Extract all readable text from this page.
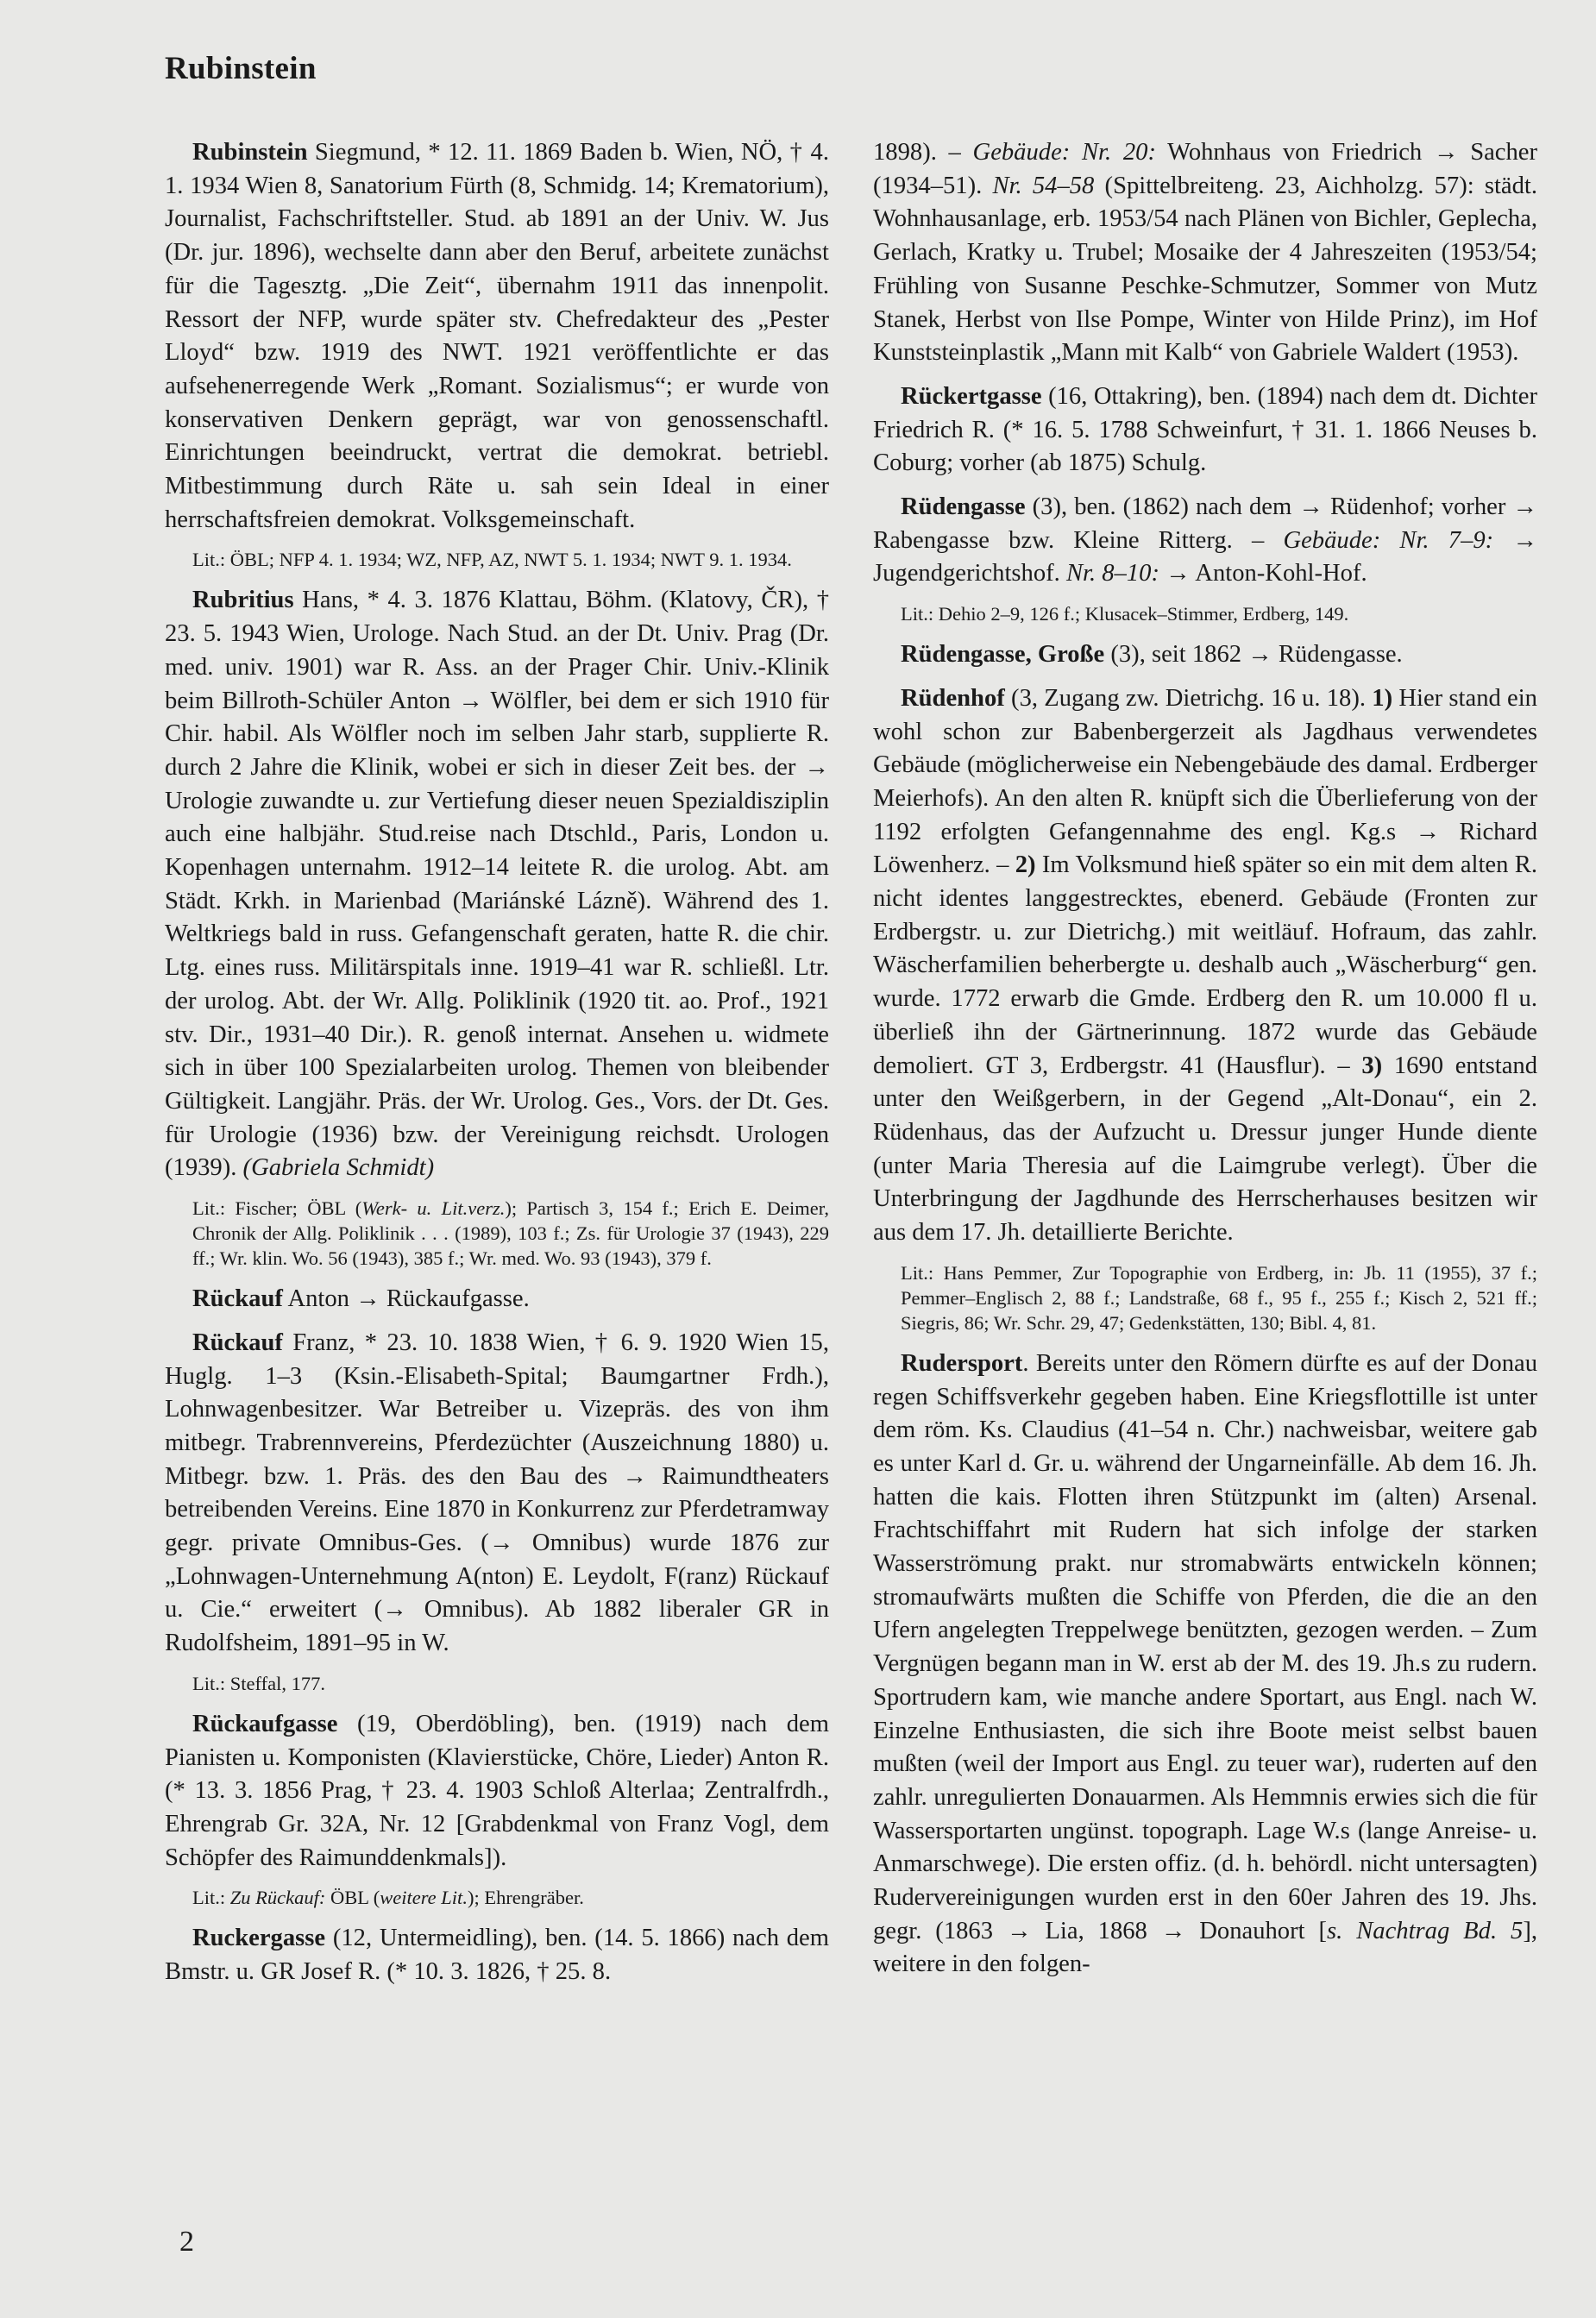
Rubinstein

Rubinstein Siegmund, * 12. 11. 1869 Baden b. Wien, NÖ, † 4. 1. 1934 Wien 8, Sanatorium Fürth (8, Schmidg. 14; Krematorium), Journalist, Fachschriftsteller. Stud. ab 1891 an der Univ. W. Jus (Dr. jur. 1896), wechselte dann aber den Beruf, arbeitete zunächst für die Tagesztg. „Die Zeit“, übernahm 1911 das innenpolit. Ressort der NFP, wurde später stv. Chefredakteur des „Pester Lloyd“ bzw. 1919 des NWT. 1921 veröffentlichte er das aufsehenerregende Werk „Romant. Sozialismus“; er wurde von konservativen Denkern geprägt, war von genossenschaftl. Einrichtungen beeindruckt, vertrat die demokrat. betriebl. Mitbestimmung durch Räte u. sah sein Ideal in einer herrschaftsfreien demokrat. Volksgemeinschaft.

Lit.: ÖBL; NFP 4. 1. 1934; WZ, NFP, AZ, NWT 5. 1. 1934; NWT 9. 1. 1934.

Rubritius Hans, * 4. 3. 1876 Klattau, Böhm. (Klatovy, ČR), † 23. 5. 1943 Wien, Urologe. Nach Stud. an der Dt. Univ. Prag (Dr. med. univ. 1901) war R. Ass. an der Prager Chir. Univ.-Klinik beim Billroth-Schüler Anton → Wölfler, bei dem er sich 1910 für Chir. habil. Als Wölfler noch im selben Jahr starb, supplierte R. durch 2 Jahre die Klinik, wobei er sich in dieser Zeit bes. der → Urologie zuwandte u. zur Vertiefung dieser neuen Spezialdisziplin auch eine halbjähr. Stud.reise nach Dtschld., Paris, London u. Kopenhagen unternahm. 1912–14 leitete R. die urolog. Abt. am Städt. Krkh. in Marienbad (Mariánské Lázně). Während des 1. Weltkriegs bald in russ. Gefangenschaft geraten, hatte R. die chir. Ltg. eines russ. Militärspitals inne. 1919–41 war R. schließl. Ltr. der urolog. Abt. der Wr. Allg. Poliklinik (1920 tit. ao. Prof., 1921 stv. Dir., 1931–40 Dir.). R. genoß internat. Ansehen u. widmete sich in über 100 Spezialarbeiten urolog. Themen von bleibender Gültigkeit. Langjähr. Präs. der Wr. Urolog. Ges., Vors. der Dt. Ges. für Urologie (1936) bzw. der Vereinigung reichsdt. Urologen (1939). (Gabriela Schmidt)

Lit.: Fischer; ÖBL (Werk- u. Lit.verz.); Partisch 3, 154 f.; Erich E. Deimer, Chronik der Allg. Poliklinik . . . (1989), 103 f.; Zs. für Urologie 37 (1943), 229 ff.; Wr. klin. Wo. 56 (1943), 385 f.; Wr. med. Wo. 93 (1943), 379 f.

Rückauf Anton → Rückaufgasse.

Rückauf Franz, * 23. 10. 1838 Wien, † 6. 9. 1920 Wien 15, Huglg. 1–3 (Ksin.-Elisabeth-Spital; Baumgartner Frdh.), Lohnwagenbesitzer. War Betreiber u. Vizepräs. des von ihm mitbegr. Trabrennvereins, Pferdezüchter (Auszeichnung 1880) u. Mitbegr. bzw. 1. Präs. des den Bau des → Raimundtheaters betreibenden Vereins. Eine 1870 in Konkurrenz zur Pferdetramway gegr. private Omnibus-Ges. (→ Omnibus) wurde 1876 zur „Lohnwagen-Unternehmung A(nton) E. Leydolt, F(ranz) Rückauf u. Cie.“ erweitert (→ Omnibus). Ab 1882 liberaler GR in Rudolfsheim, 1891–95 in W.

Lit.: Steffal, 177.

Rückaufgasse (19, Oberdöbling), ben. (1919) nach dem Pianisten u. Komponisten (Klavierstücke, Chöre, Lieder) Anton R. (* 13. 3. 1856 Prag, † 23. 4. 1903 Schloß Alterlaa; Zentralfrdh., Ehrengrab Gr. 32A, Nr. 12 [Grabdenkmal von Franz Vogl, dem Schöpfer des Raimunddenkmals]).

Lit.: Zu Rückauf: ÖBL (weitere Lit.); Ehrengräber.

Ruckergasse (12, Untermeidling), ben. (14. 5. 1866) nach dem Bmstr. u. GR Josef R. (* 10. 3. 1826, † 25. 8.

1898). – Gebäude: Nr. 20: Wohnhaus von Friedrich → Sacher (1934–51). Nr. 54–58 (Spittelbreiteng. 23, Aichholzg. 57): städt. Wohnhausanlage, erb. 1953/54 nach Plänen von Bichler, Geplecha, Gerlach, Kratky u. Trubel; Mosaike der 4 Jahreszeiten (1953/54; Frühling von Susanne Peschke-Schmutzer, Sommer von Mutz Stanek, Herbst von Ilse Pompe, Winter von Hilde Prinz), im Hof Kunststeinplastik „Mann mit Kalb“ von Gabriele Waldert (1953).

Rückertgasse (16, Ottakring), ben. (1894) nach dem dt. Dichter Friedrich R. (* 16. 5. 1788 Schweinfurt, † 31. 1. 1866 Neuses b. Coburg; vorher (ab 1875) Schulg.

Rüdengasse (3), ben. (1862) nach dem → Rüdenhof; vorher → Rabengasse bzw. Kleine Ritterg. – Gebäude: Nr. 7–9: → Jugendgerichtshof. Nr. 8–10: → Anton-Kohl-Hof.

Lit.: Dehio 2–9, 126 f.; Klusacek–Stimmer, Erdberg, 149.

Rüdengasse, Große (3), seit 1862 → Rüdengasse.

Rüdenhof (3, Zugang zw. Dietrichg. 16 u. 18). 1) Hier stand ein wohl schon zur Babenbergerzeit als Jagdhaus verwendetes Gebäude (möglicherweise ein Nebengebäude des damal. Erdberger Meierhofs). An den alten R. knüpft sich die Überlieferung von der 1192 erfolgten Gefangennahme des engl. Kg.s → Richard Löwenherz. – 2) Im Volksmund hieß später so ein mit dem alten R. nicht identes langgestrecktes, ebenerd. Gebäude (Fronten zur Erdbergstr. u. zur Dietrichg.) mit weitläuf. Hofraum, das zahlr. Wäscherfamilien beherbergte u. deshalb auch „Wäscherburg“ gen. wurde. 1772 erwarb die Gmde. Erdberg den R. um 10.000 fl u. überließ ihn der Gärtnerinnung. 1872 wurde das Gebäude demoliert. GT 3, Erdbergstr. 41 (Hausflur). – 3) 1690 entstand unter den Weißgerbern, in der Gegend „Alt-Donau“, ein 2. Rüdenhaus, das der Aufzucht u. Dressur junger Hunde diente (unter Maria Theresia auf die Laimgrube verlegt). Über die Unterbringung der Jagdhunde des Herrscherhauses besitzen wir aus dem 17. Jh. detaillierte Berichte.

Lit.: Hans Pemmer, Zur Topographie von Erdberg, in: Jb. 11 (1955), 37 f.; Pemmer–Englisch 2, 88 f.; Landstraße, 68 f., 95 f., 255 f.; Kisch 2, 521 ff.; Siegris, 86; Wr. Schr. 29, 47; Gedenkstätten, 130; Bibl. 4, 81.

Rudersport. Bereits unter den Römern dürfte es auf der Donau regen Schiffsverkehr gegeben haben. Eine Kriegsflottille ist unter dem röm. Ks. Claudius (41–54 n. Chr.) nachweisbar, weitere gab es unter Karl d. Gr. u. während der Ungarneinfälle. Ab dem 16. Jh. hatten die kais. Flotten ihren Stützpunkt im (alten) Arsenal. Frachtschiffahrt mit Rudern hat sich infolge der starken Wasserströmung prakt. nur stromabwärts entwickeln können; stromaufwärts mußten die Schiffe von Pferden, die die an den Ufern angelegten Treppelwege benützten, gezogen werden. – Zum Vergnügen begann man in W. erst ab der M. des 19. Jh.s zu rudern. Sportrudern kam, wie manche andere Sportart, aus Engl. nach W. Einzelne Enthusiasten, die sich ihre Boote meist selbst bauen mußten (weil der Import aus Engl. zu teuer war), ruderten auf den zahlr. unregulierten Donauarmen. Als Hemmnis erwies sich die für Wassersportarten ungünst. topograph. Lage W.s (lange Anreise- u. Anmarschwege). Die ersten offiz. (d. h. behördl. nicht untersagten) Rudervereinigungen wurden erst in den 60er Jahren des 19. Jhs. gegr. (1863 → Lia, 1868 → Donauhort [s. Nachtrag Bd. 5], weitere in den folgen-

2
